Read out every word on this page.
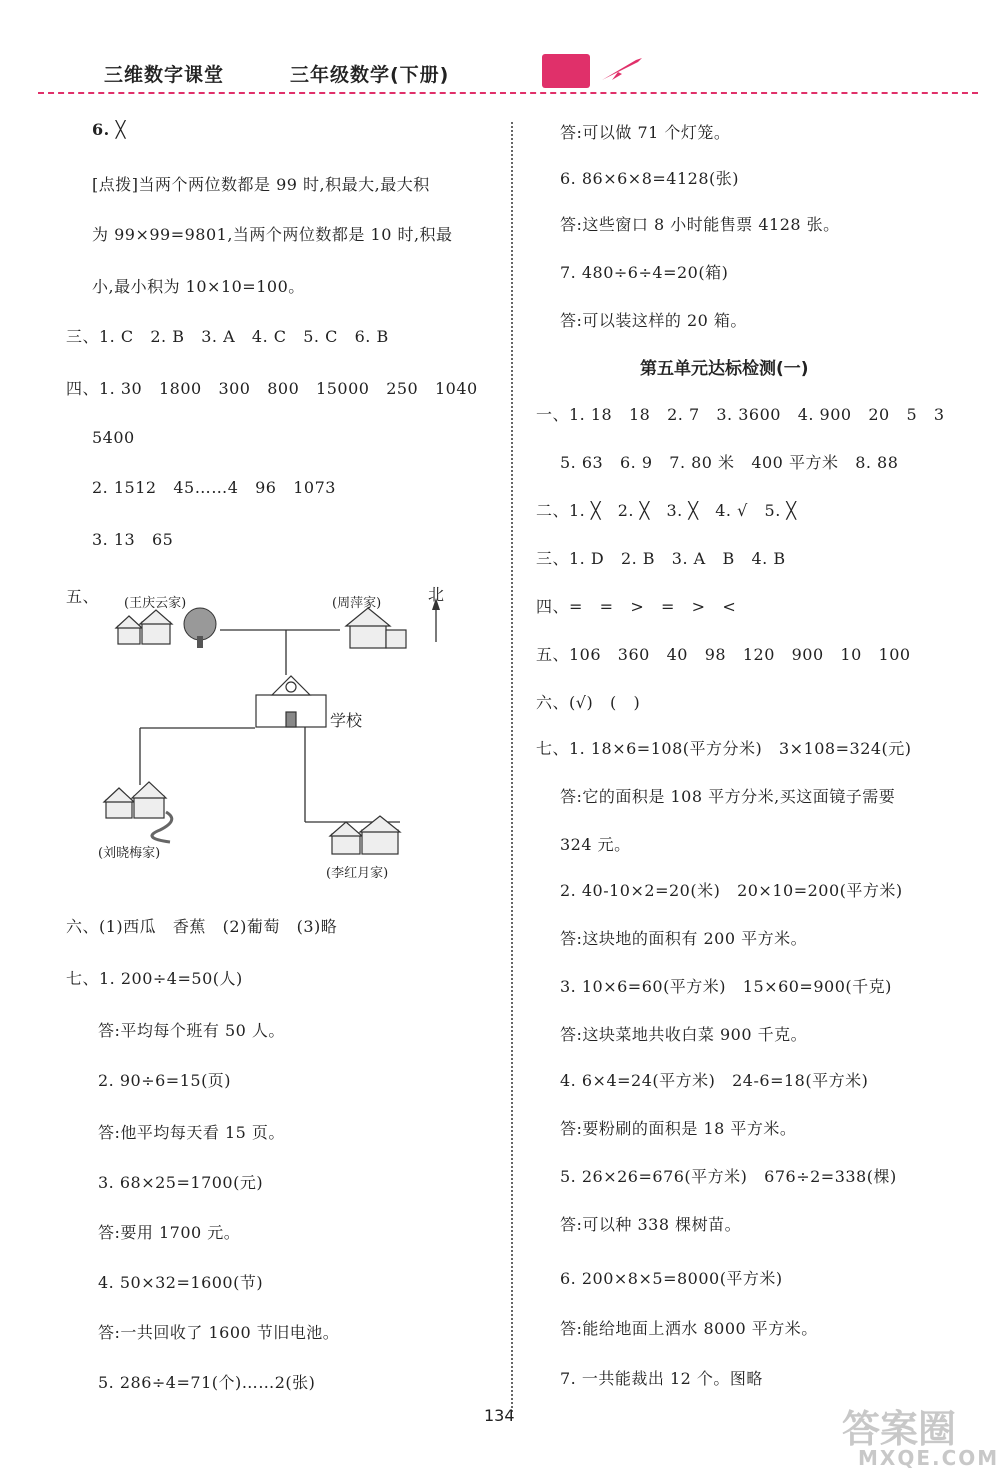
三维数字课堂	三年级数学(下册)
6. ╳
[点拨]当两个两位数都是 99 时,积最大,最大积
为 99×99=9801,当两个两位数都是 10 时,积最
小,最小积为 10×10=100。
三、1. C   2. B   3. A   4. C   5. C   6. B
四、1. 30   1800   300   800   15000   250   1040
5400
2. 1512   45……4   96   1073
3. 13   65
五、 (王庆云家)	(周萍家)	北
学校
(刘晓梅家)
(李红月家)
六、(1)西瓜   香蕉   (2)葡萄   (3)略
七、1. 200÷4=50(人)
答:平均每个班有 50 人。
2. 90÷6=15(页)
答:他平均每天看 15 页。
3. 68×25=1700(元)
答:要用 1700 元。
4. 50×32=1600(节)
答:一共回收了 1600 节旧电池。
5. 286÷4=71(个)……2(张)
答:可以做 71 个灯笼。
6. 86×6×8=4128(张)
答:这些窗口 8 小时能售票 4128 张。
7. 480÷6÷4=20(箱)
答:可以装这样的 20 箱。
第五单元达标检测(一)
一、1. 18   18   2. 7   3. 3600   4. 900   20   5   3
5. 63   6. 9   7. 80 米   400 平方米   8. 88
二、1. ╳   2. ╳   3. ╳   4. √   5. ╳
三、1. D   2. B   3. A   B   4. B
四、=   =   >   =   >   <
五、106   360   40   98   120   900   10   100
六、(√)   (   )
七、1. 18×6=108(平方分米)   3×108=324(元)
答:它的面积是 108 平方分米,买这面镜子需要
324 元。
2. 40-10×2=20(米)   20×10=200(平方米)
答:这块地的面积有 200 平方米。
3. 10×6=60(平方米)   15×60=900(千克)
答:这块菜地共收白菜 900 千克。
4. 6×4=24(平方米)   24-6=18(平方米)
答:要粉刷的面积是 18 平方米。
5. 26×26=676(平方米)   676÷2=338(棵)
答:可以种 338 棵树苗。
6. 200×8×5=8000(平方米)
答:能给地面上洒水 8000 平方米。
7. 一共能裁出 12 个。图略
134	答案圈
MXQE.COM
